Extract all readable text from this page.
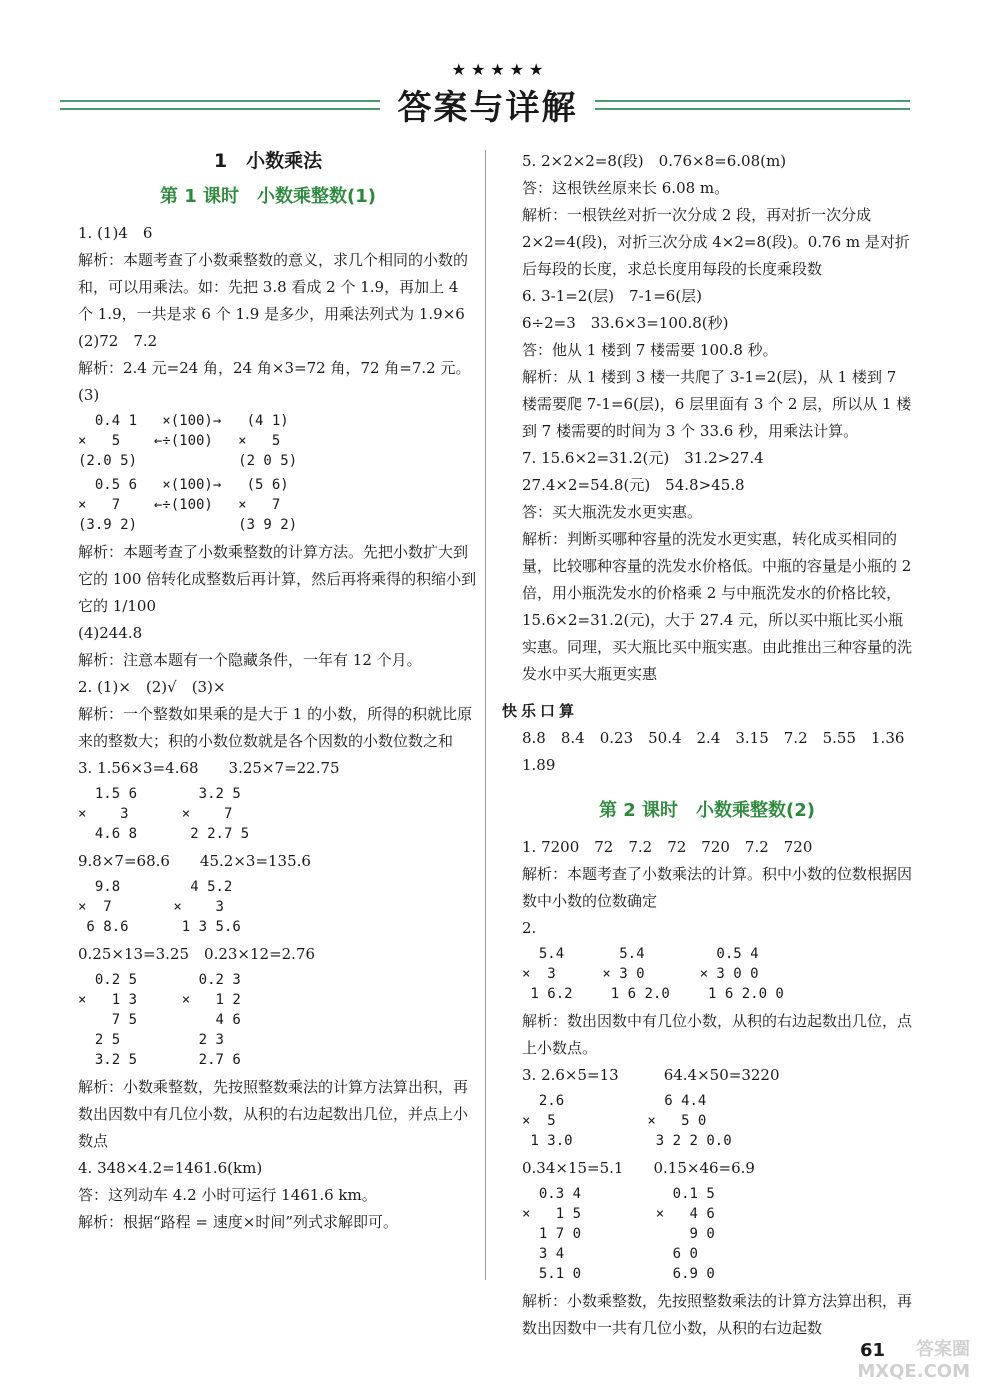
★★★★★
答案与详解
1　小数乘法
第 1 课时　小数乘整数(1)
1. (1)4　6
解析：本题考查了小数乘整数的意义，求几个相同的小数的和，可以用乘法。如：先把 3.8 看成 2 个 1.9，再加上 4 个 1.9，一共是求 6 个 1.9 是多少，用乘法列式为 1.9×6
(2)72　7.2
解析：2.4 元=24 角，24 角×3=72 角，72 角=7.2 元。
(3)
0.4 1   ×(100)→   (4 1)
×   5    ←÷(100)   ×   5
(2.0 5)            (2 0 5)
0.5 6   ×(100)→   (5 6)
×   7    ←÷(100)   ×   7
(3.9 2)            (3 9 2)
解析：本题考查了小数乘整数的计算方法。先把小数扩大到它的 100 倍转化成整数后再计算，然后再将乘得的积缩小到它的 1/100
(4)244.8
解析：注意本题有一个隐藏条件，一年有 12 个月。
2. (1)×　(2)√　(3)×
解析：一个整数如果乘的是大于 1 的小数，所得的积就比原来的整数大；积的小数位数就是各个因数的小数位数之和
3. 1.56×3=4.68　　3.25×7=22.75
1.5 6
×    3
4.6 8   3.2 5
×    7
2 2.7 5
9.8×7=68.6　　45.2×3=135.6
9.8
×  7
6 8.6   4 5.2
×    3
1 3 5.6
0.25×13=3.25　0.23×12=2.76
0.2 5
×   1 3
7 5
2 5
3.2 5   0.2 3
×   1 2
4 6
2 3
2.7 6
解析：小数乘整数，先按照整数乘法的计算方法算出积，再数出因数中有几位小数，从积的右边起数出几位，并点上小数点
4. 348×4.2=1461.6(km)
答：这列动车 4.2 小时可运行 1461.6 km。
解析：根据“路程 = 速度×时间”列式求解即可。
5. 2×2×2=8(段)　0.76×8=6.08(m)
答：这根铁丝原来长 6.08 m。
解析：一根铁丝对折一次分成 2 段，再对折一次分成 2×2=4(段)，对折三次分成 4×2=8(段)。0.76 m 是对折后每段的长度，求总长度用每段的长度乘段数
6. 3-1=2(层)　7-1=6(层)
6÷2=3　33.6×3=100.8(秒)
答：他从 1 楼到 7 楼需要 100.8 秒。
解析：从 1 楼到 3 楼一共爬了 3-1=2(层)，从 1 楼到 7 楼需要爬 7-1=6(层)，6 层里面有 3 个 2 层，所以从 1 楼到 7 楼需要的时间为 3 个 33.6 秒，用乘法计算。
7. 15.6×2=31.2(元)　31.2>27.4
27.4×2=54.8(元)　54.8>45.8
答：买大瓶洗发水更实惠。
解析：判断买哪种容量的洗发水更实惠，转化成买相同的量，比较哪种容量的洗发水价格低。中瓶的容量是小瓶的 2 倍，用小瓶洗发水的价格乘 2 与中瓶洗发水的价格比较，15.6×2=31.2(元)，大于 27.4 元，所以买中瓶比买小瓶实惠。同理，买大瓶比买中瓶实惠。由此推出三种容量的洗发水中买大瓶更实惠
快乐口算
8.8　8.4　0.23　50.4　2.4　3.15　7.2　5.55　1.36
1.89
第 2 课时　小数乘整数(2)
1. 7200　72　7.2　72　720　7.2　720
解析：本题考查了小数乘法的计算。积中小数的位数根据因数中小数的位数确定
2.
5.4
×  3
1 6.2   5.4
× 3 0
1 6 2.0   0.5 4
× 3 0 0
1 6 2.0 0
解析：数出因数中有几位小数，从积的右边起数出几位，点上小数点。
3. 2.6×5=13　　　64.4×50=3220
2.6
×  5
1 3.0   6 4.4
×   5 0
3 2 2 0.0
0.34×15=5.1　　0.15×46=6.9
0.3 4
×   1 5
1 7 0
3 4
5.1 0   0.1 5
×   4 6
9 0
6 0
6.9 0
解析：小数乘整数，先按照整数乘法的计算方法算出积，再数出因数中一共有几位小数，从积的右边起数
61	答案圈 MXQE.COM
